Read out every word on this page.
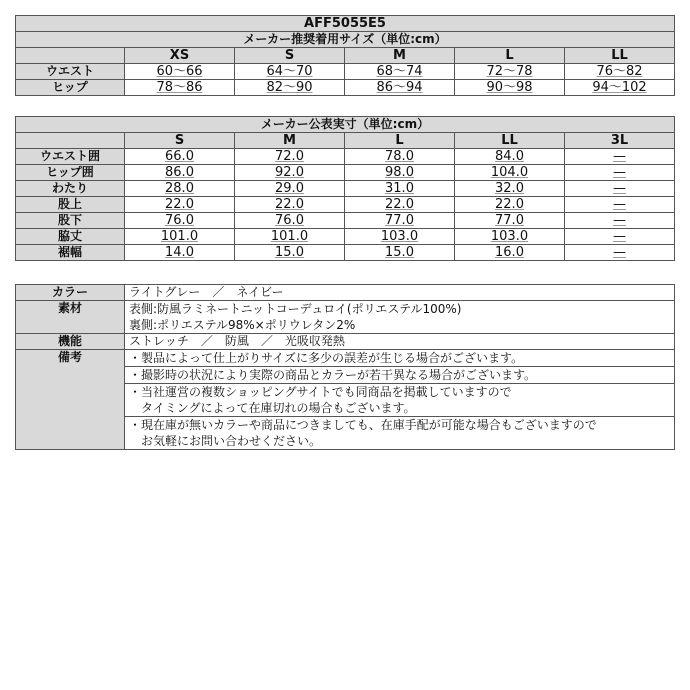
AFF5055E5					
メーカー推奨着用サイズ（単位:cm）					
	XS	S	M	L	LL
ウエスト	60〜66	64〜70	68〜74	72〜78	76〜82
ヒップ	78〜86	82〜90	86〜94	90〜98	94〜102
メーカー公表実寸（単位:cm）					
	S	M	L	LL	3L
ウエスト囲	66.0	72.0	78.0	84.0	—
ヒップ囲	86.0	92.0	98.0	104.0	—
わたり	28.0	29.0	31.0	32.0	—
股上	22.0	22.0	22.0	22.0	—
股下	76.0	76.0	77.0	77.0	—
脇丈	101.0	101.0	103.0	103.0	—
裾幅	14.0	15.0	15.0	16.0	—
カラー	ライトグレー　／　ネイビー
素材	表側:防風ラミネートニットコーデュロイ(ポリエステル100%)
裏側:ポリエステル98%×ポリウレタン2%

機能	ストレッチ　／　防風　／　光吸収発熱
備考	・製品によって仕上がりサイズに多少の誤差が生じる場合がございます。

	・撮影時の状況により実際の商品とカラーが若干異なる場合がございます。

	・当社運営の複数ショッピングサイトでも同商品を掲載していますので
　タイミングによって在庫切れの場合もございます。

	・現在庫が無いカラーや商品につきましても、在庫手配が可能な場合もございますので
　お気軽にお問い合わせください。
